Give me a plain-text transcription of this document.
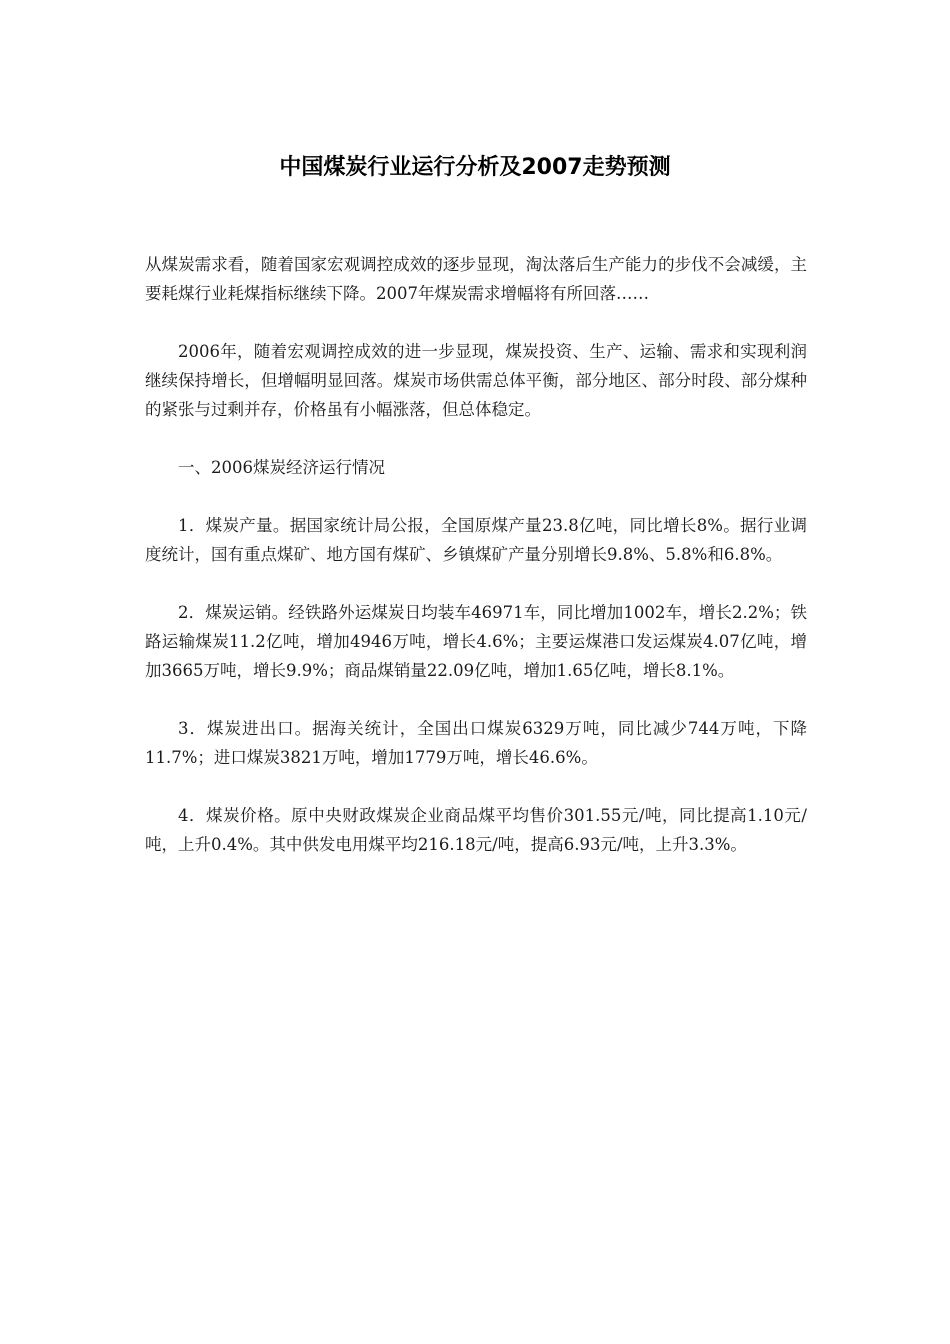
中国煤炭行业运行分析及2007走势预测

从煤炭需求看，随着国家宏观调控成效的逐步显现，淘汰落后生产能力的步伐不会减缓，主要耗煤行业耗煤指标继续下降。2007年煤炭需求增幅将有所回落……

2006年，随着宏观调控成效的进一步显现，煤炭投资、生产、运输、需求和实现利润继续保持增长，但增幅明显回落。煤炭市场供需总体平衡，部分地区、部分时段、部分煤种的紧张与过剩并存，价格虽有小幅涨落，但总体稳定。

一、2006煤炭经济运行情况

1．煤炭产量。据国家统计局公报，全国原煤产量23.8亿吨，同比增长8%。据行业调度统计，国有重点煤矿、地方国有煤矿、乡镇煤矿产量分别增长9.8%、5.8%和6.8%。

2．煤炭运销。经铁路外运煤炭日均装车46971车，同比增加1002车，增长2.2%；铁路运输煤炭11.2亿吨，增加4946万吨，增长4.6%；主要运煤港口发运煤炭4.07亿吨，增加3665万吨，增长9.9%；商品煤销量22.09亿吨，增加1.65亿吨，增长8.1%。

3．煤炭进出口。据海关统计，全国出口煤炭6329万吨，同比减少744万吨，下降11.7%；进口煤炭3821万吨，增加1779万吨，增长46.6%。

4．煤炭价格。原中央财政煤炭企业商品煤平均售价301.55元/吨，同比提高1.10元/吨，上升0.4%。其中供发电用煤平均216.18元/吨，提高6.93元/吨，上升3.3%。
